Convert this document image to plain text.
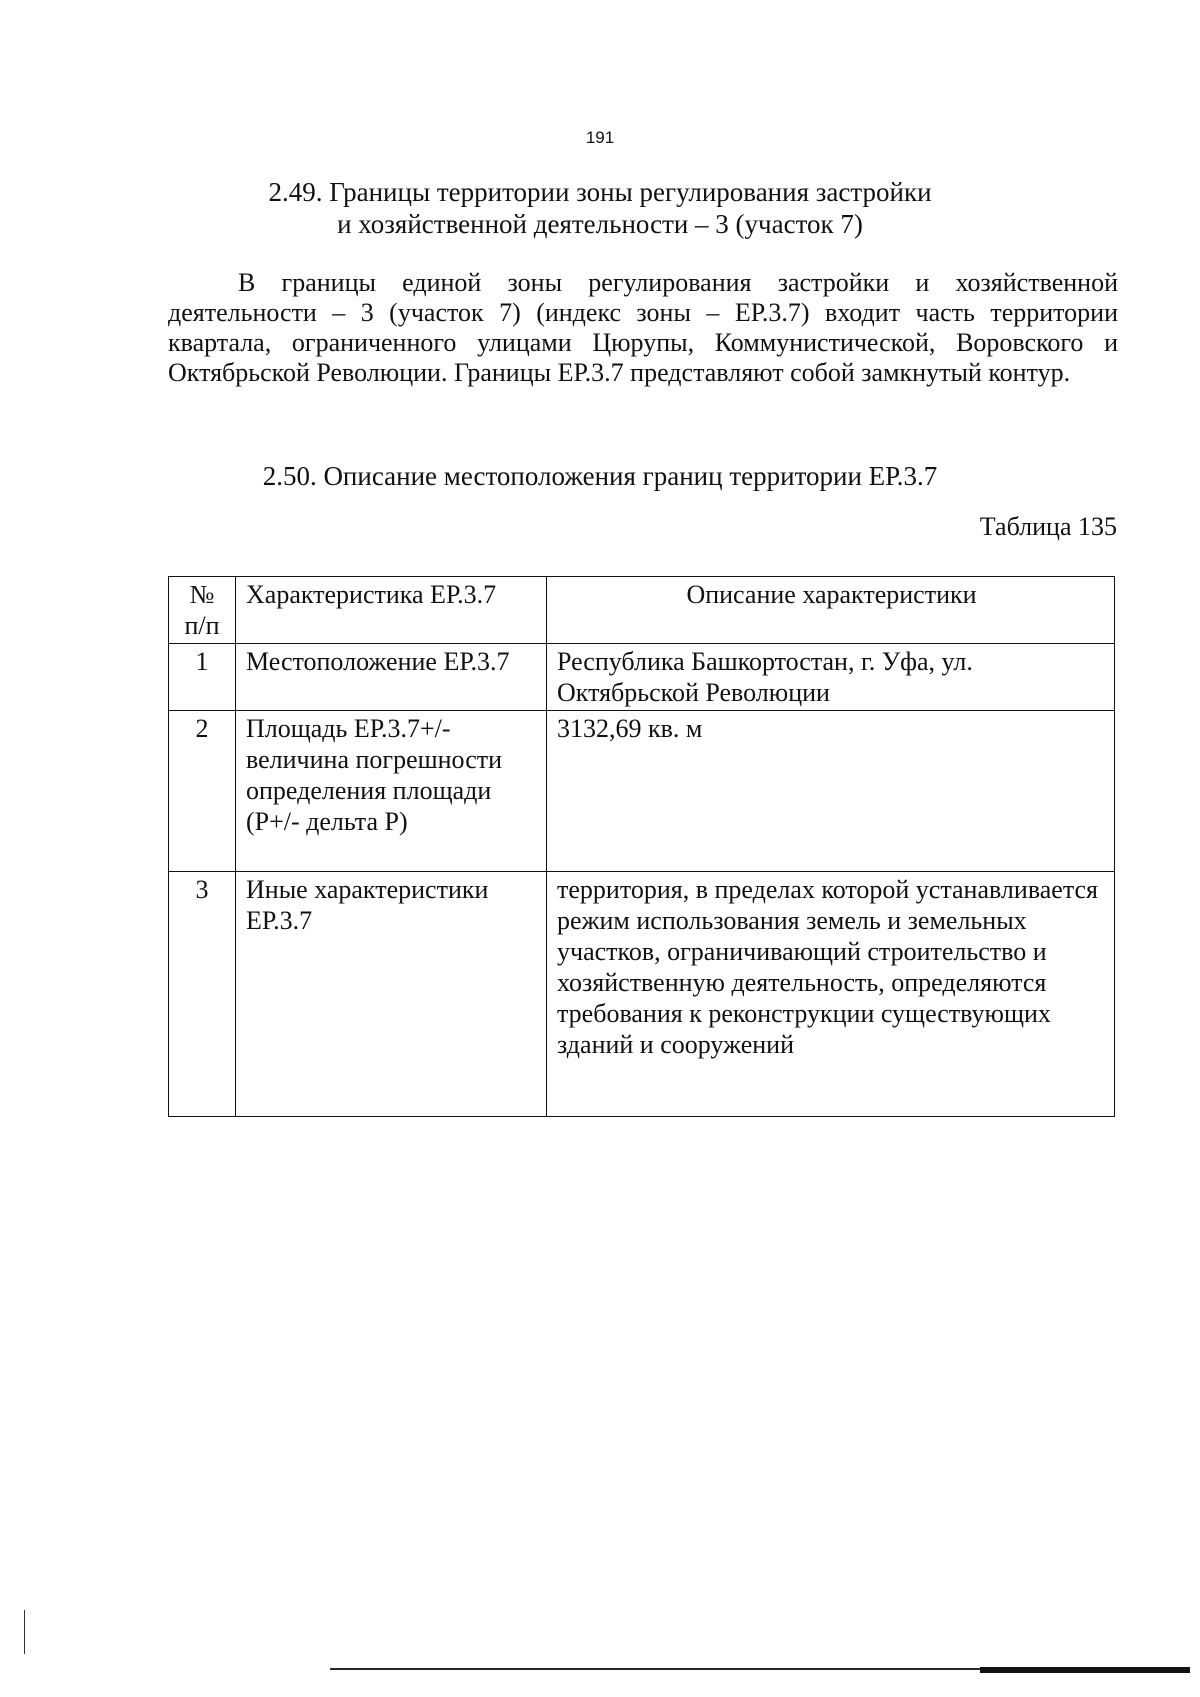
191
2.49. Границы территории зоны регулирования застройки
и хозяйственной деятельности – 3 (участок 7)

В границы единой зоны регулирования застройки и хозяйственной деятельности – 3 (участок 7) (индекс зоны – ЕР.3.7) входит часть территории квартала, ограниченного улицами Цюрупы, Коммунистической, Воровского и Октябрьской Революции. Границы ЕР.3.7 представляют собой замкнутый контур.

2.50. Описание местоположения границ территории ЕР.3.7
Таблица 135
№
п/п	Характеристика ЕР.3.7	Описание характеристики
1	Местоположение ЕР.3.7	Республика Башкортостан, г. Уфа, ул. Октябрьской Революции
2	Площадь ЕР.3.7+/- величина погрешности определения площади (Р+/- дельта Р)	3132,69 кв. м
3	Иные характеристики ЕР.3.7	территория, в пределах которой устанавливается режим использования земель и земельных участков, ограничивающий строительство и хозяйственную деятельность, определяются требования к реконструкции существующих зданий и сооружений
